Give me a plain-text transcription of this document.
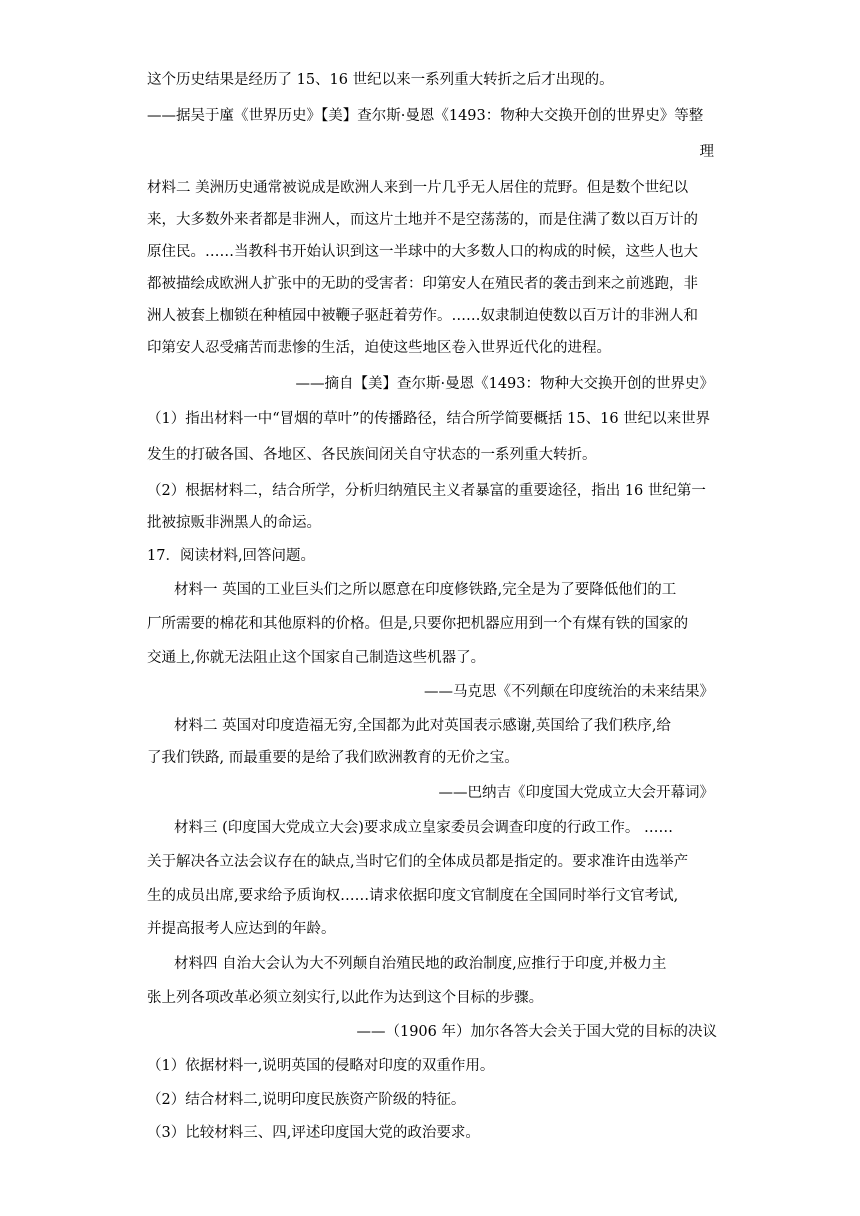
这个历史结果是经历了 15、16 世纪以来一系列重大转折之后才出现的。
——据吴于廑《世界历史》【美】查尔斯·曼恩《1493：物种大交换开创的世界史》等整
理
材料二 美洲历史通常被说成是欧洲人来到一片几乎无人居住的荒野。但是数个世纪以
来，大多数外来者都是非洲人，而这片土地并不是空荡荡的，而是住满了数以百万计的
原住民。……当教科书开始认识到这一半球中的大多数人口的构成的时候，这些人也大
都被描绘成欧洲人扩张中的无助的受害者：印第安人在殖民者的袭击到来之前逃跑，非
洲人被套上枷锁在种植园中被鞭子驱赶着劳作。……奴隶制迫使数以百万计的非洲人和
印第安人忍受痛苦而悲惨的生活，迫使这些地区卷入世界近代化的进程。
——摘自【美】查尔斯·曼恩《1493：物种大交换开创的世界史》
（1）指出材料一中“冒烟的草叶”的传播路径，结合所学简要概括 15、16 世纪以来世界
发生的打破各国、各地区、各民族间闭关自守状态的一系列重大转折。
（2）根据材料二，结合所学，分析归纳殖民主义者暴富的重要途径，指出 16 世纪第一
批被掠贩非洲黑人的命运。
17．阅读材料,回答问题。
材料一 英国的工业巨头们之所以愿意在印度修铁路,完全是为了要降低他们的工
厂所需要的棉花和其他原料的价格。但是,只要你把机器应用到一个有煤有铁的国家的
交通上,你就无法阻止这个国家自己制造这些机器了。
——马克思《不列颠在印度统治的未来结果》
材料二 英国对印度造福无穷,全国都为此对英国表示感谢,英国给了我们秩序,给
了我们铁路, 而最重要的是给了我们欧洲教育的无价之宝。
——巴纳吉《印度国大党成立大会开幕词》
材料三 (印度国大党成立大会)要求成立皇家委员会调查印度的行政工作。 ……
关于解决各立法会议存在的缺点,当时它们的全体成员都是指定的。要求准许由选举产
生的成员出席,要求给予质询权……请求依据印度文官制度在全国同时举行文官考试,
并提高报考人应达到的年龄。
材料四 自治大会认为大不列颠自治殖民地的政治制度,应推行于印度,并极力主
张上列各项改革必须立刻实行,以此作为达到这个目标的步骤。
——（1906 年）加尔各答大会关于国大党的目标的决议
（1）依据材料一,说明英国的侵略对印度的双重作用。
（2）结合材料二,说明印度民族资产阶级的特征。
（3）比较材料三、四,评述印度国大党的政治要求。
